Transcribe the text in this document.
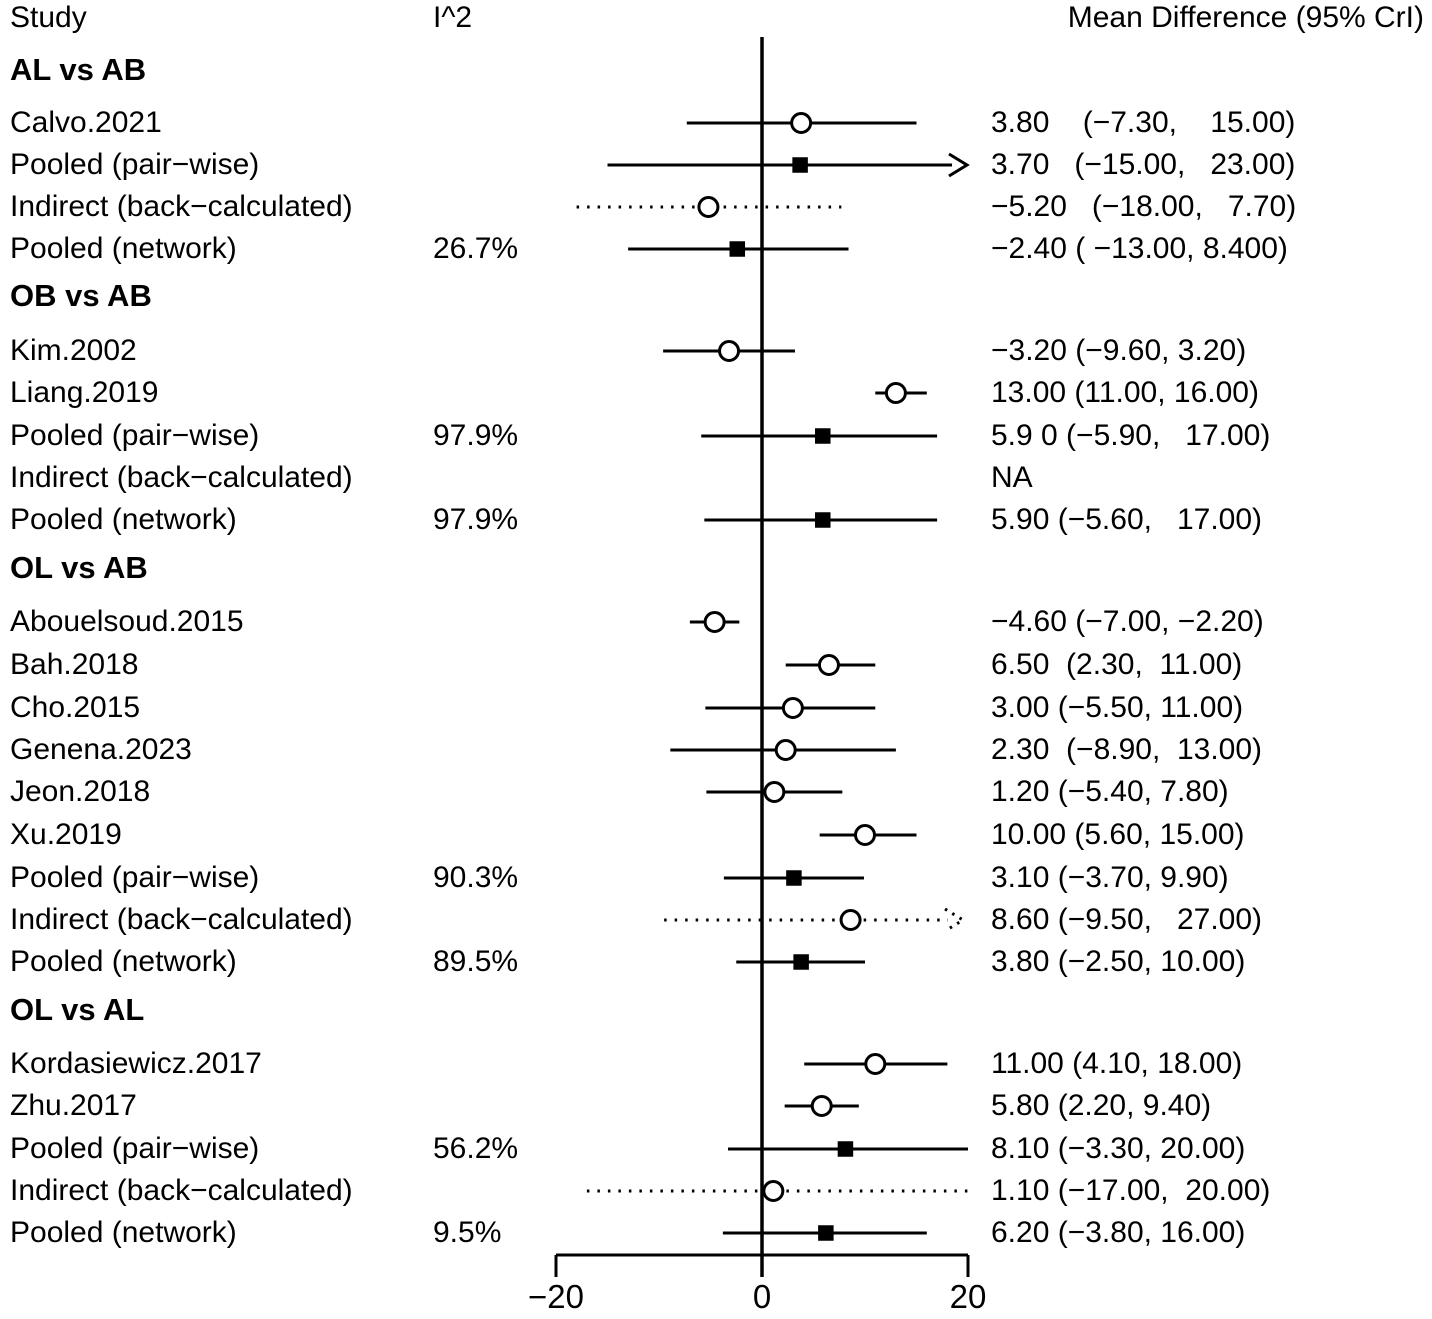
Study	I^2	Mean Difference (95% CrI)
AL vs AB
Calvo.2021	3.80    (−7.30,    15.00)
Pooled (pair−wise)	3.70   (−15.00,   23.00)
Indirect (back−calculated)	−5.20   (−18.00,   7.70)
Pooled (network)	26.7%	−2.40 ( −13.00, 8.400)
OB vs AB
Kim.2002	−3.20 (−9.60, 3.20)
Liang.2019	13.00 (11.00, 16.00)
Pooled (pair−wise)	97.9%	5.9 0 (−5.90,   17.00)
Indirect (back−calculated)	NA
Pooled (network)	97.9%	5.90 (−5.60,   17.00)
OL vs AB
Abouelsoud.2015	−4.60 (−7.00, −2.20)
Bah.2018	6.50  (2.30,  11.00)
Cho.2015	3.00 (−5.50, 11.00)
Genena.2023	2.30  (−8.90,  13.00)
Jeon.2018	1.20 (−5.40, 7.80)
Xu.2019	10.00 (5.60, 15.00)
Pooled (pair−wise)	90.3%	3.10 (−3.70, 9.90)
Indirect (back−calculated)	8.60 (−9.50,   27.00)
Pooled (network)	89.5%	3.80 (−2.50, 10.00)
OL vs AL
Kordasiewicz.2017	11.00 (4.10, 18.00)
Zhu.2017	5.80 (2.20, 9.40)
Pooled (pair−wise)	56.2%	8.10 (−3.30, 20.00)
Indirect (back−calculated)	1.10 (−17.00,  20.00)
Pooled (network)	9.5%	6.20 (−3.80, 16.00)
−20	0	20
